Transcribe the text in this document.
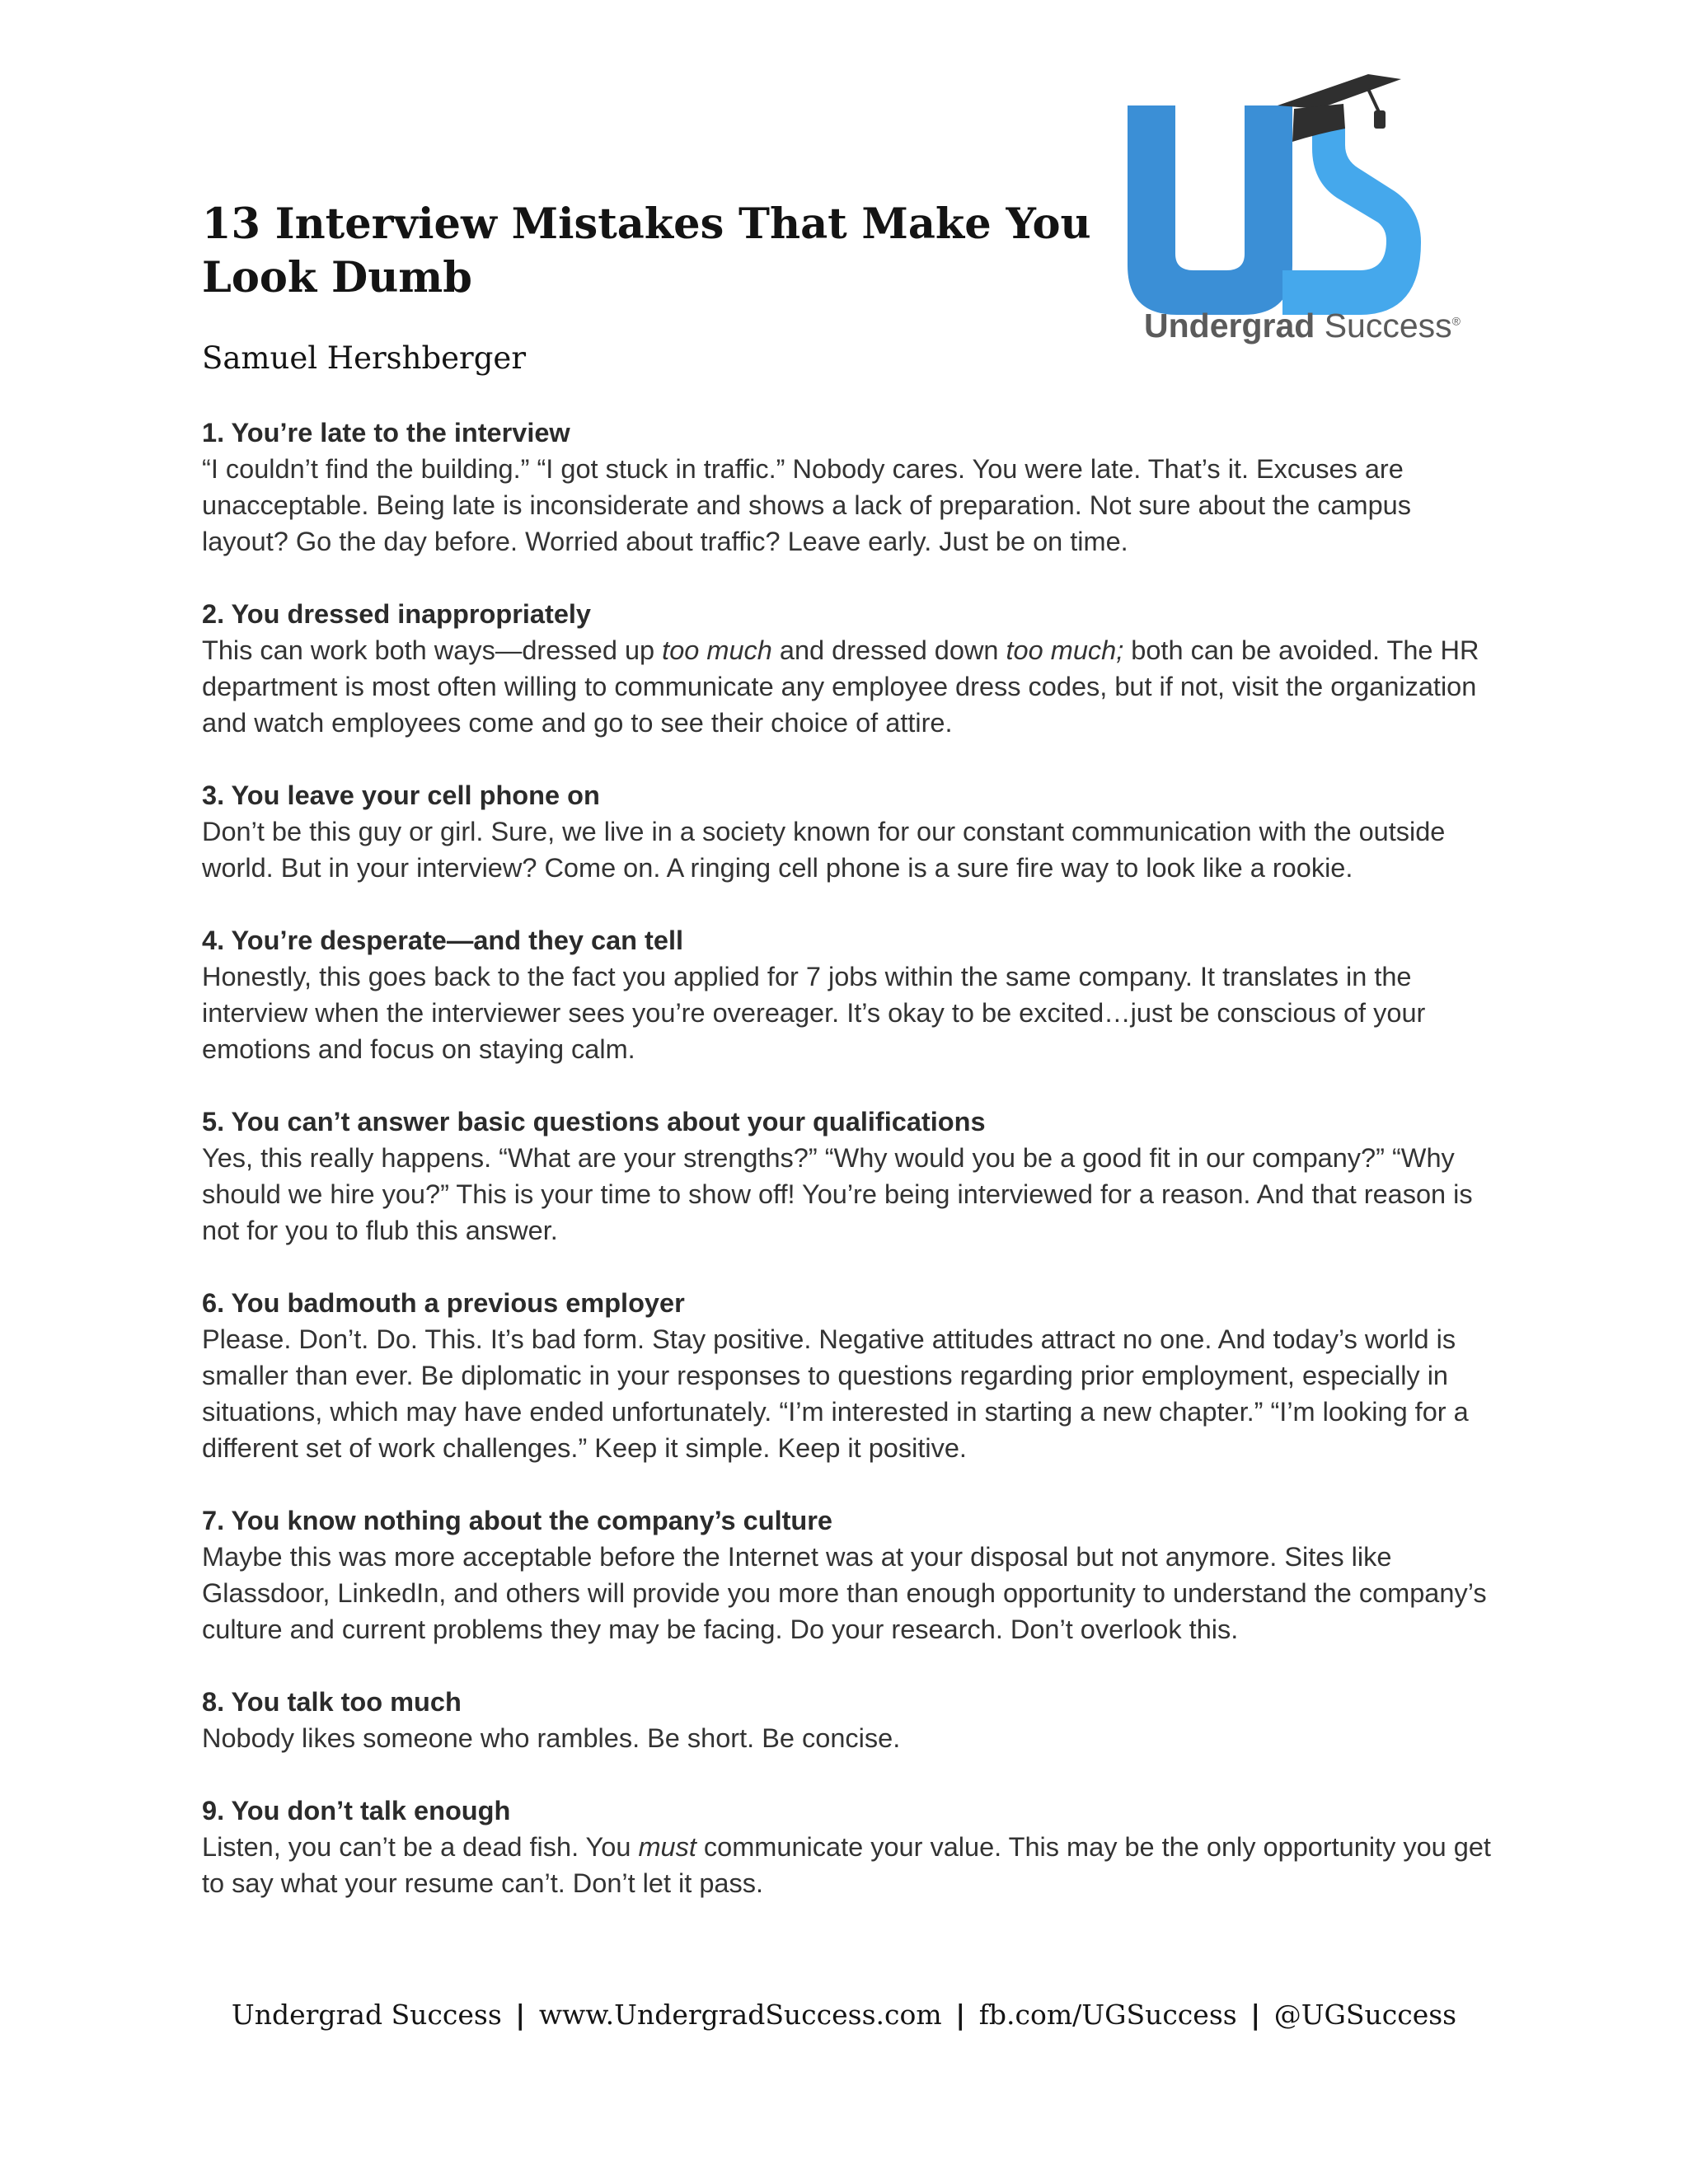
13 Interview Mistakes That Make You Look Dumb

Samuel Hershberger

Undergrad Success®
1. You’re late to the interview

“I couldn’t find the building.” “I got stuck in traffic.” Nobody cares. You were late. That’s it. Excuses are unacceptable. Being late is inconsiderate and shows a lack of preparation. Not sure about the campus layout? Go the day before. Worried about traffic? Leave early. Just be on time.

2. You dressed inappropriately

This can work both ways—dressed up too much and dressed down too much; both can be avoided. The HR department is most often willing to communicate any employee dress codes, but if not, visit the organization and watch employees come and go to see their choice of attire.

3. You leave your cell phone on

Don’t be this guy or girl. Sure, we live in a society known for our constant communication with the outside world. But in your interview? Come on. A ringing cell phone is a sure fire way to look like a rookie.

4. You’re desperate—and they can tell

Honestly, this goes back to the fact you applied for 7 jobs within the same company. It translates in the interview when the interviewer sees you’re overeager. It’s okay to be excited…just be conscious of your emotions and focus on staying calm.

5. You can’t answer basic questions about your qualifications

Yes, this really happens. “What are your strengths?” “Why would you be a good fit in our company?” “Why should we hire you?” This is your time to show off! You’re being interviewed for a reason. And that reason is not for you to flub this answer.

6. You badmouth a previous employer

Please. Don’t. Do. This. It’s bad form. Stay positive. Negative attitudes attract no one. And today’s world is smaller than ever. Be diplomatic in your responses to questions regarding prior employment, especially in situations, which may have ended unfortunately. “I’m interested in starting a new chapter.” “I’m looking for a different set of work challenges.” Keep it simple. Keep it positive.

7. You know nothing about the company’s culture

Maybe this was more acceptable before the Internet was at your disposal but not anymore. Sites like Glassdoor, LinkedIn, and others will provide you more than enough opportunity to understand the company’s culture and current problems they may be facing. Do your research. Don’t overlook this.

8. You talk too much

Nobody likes someone who rambles. Be short. Be concise.

9. You don’t talk enough

Listen, you can’t be a dead fish. You must communicate your value. This may be the only opportunity you get to say what your resume can’t. Don’t let it pass.

Undergrad Success | www.UndergradSuccess.com | fb.com/UGSuccess | @UGSuccess
